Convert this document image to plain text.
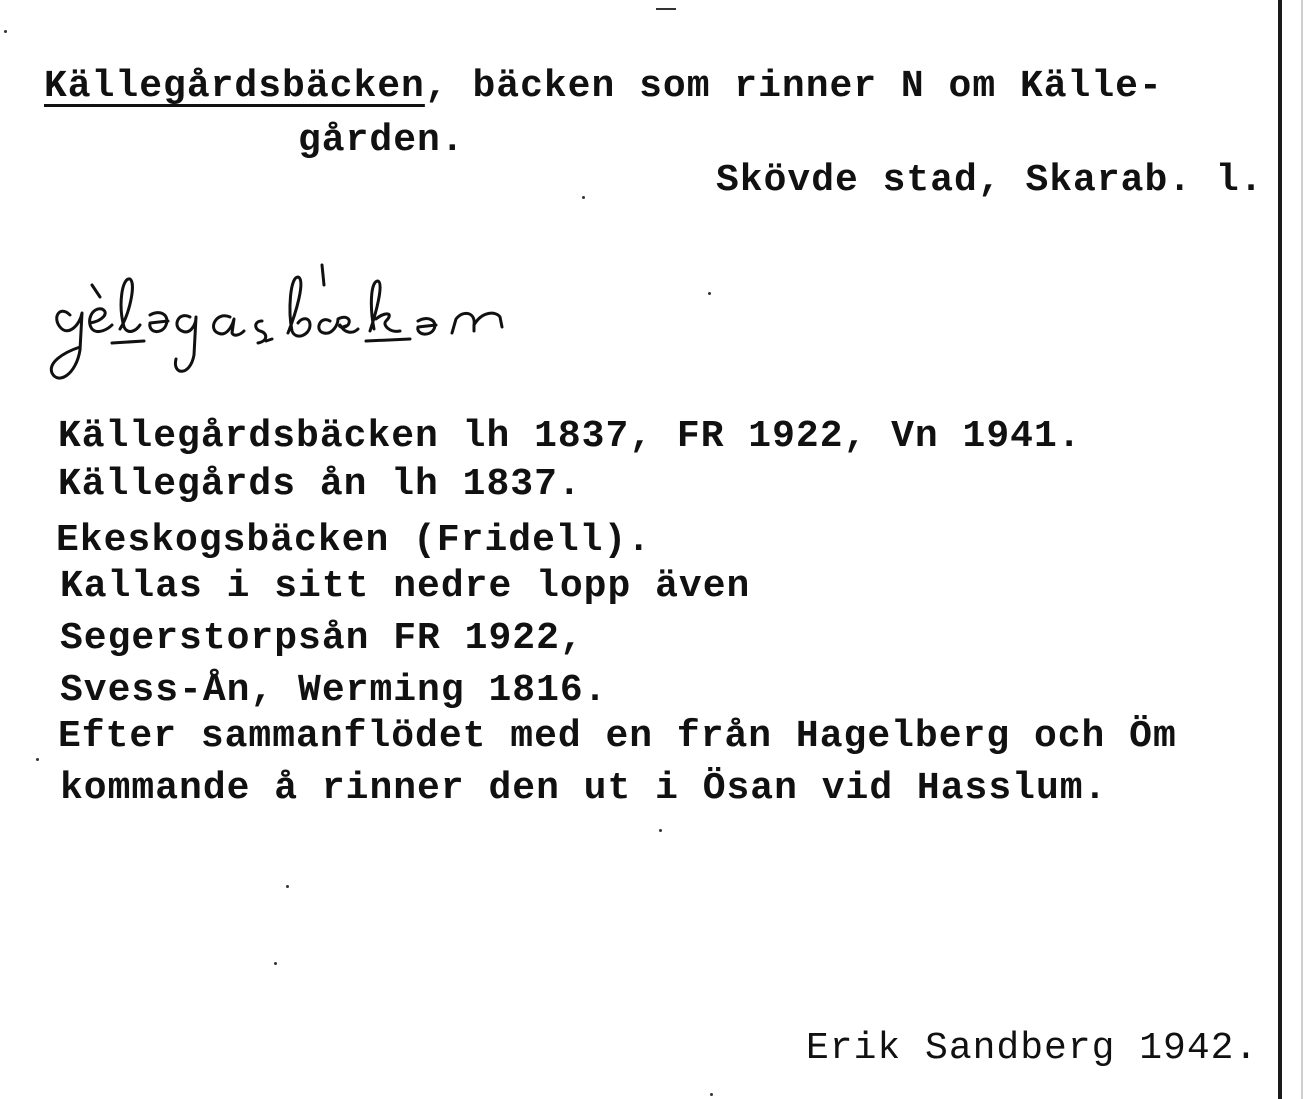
Källegårdsbäcken, bäcken som rinner N om Källe-
gården.
Skövde stad, Skarab. l.
Källegårdsbäcken lh 1837, FR 1922, Vn 1941.
Källegårds ån lh 1837.
Ekeskogsbäcken (Fridell).
Kallas i sitt nedre lopp även
Segerstorpsån FR 1922,
Svess-Ån, Werming 1816.
Efter sammanflödet med en från Hagelberg och Öm
kommande å rinner den ut i Ösan vid Hasslum.
Erik Sandberg 1942.
